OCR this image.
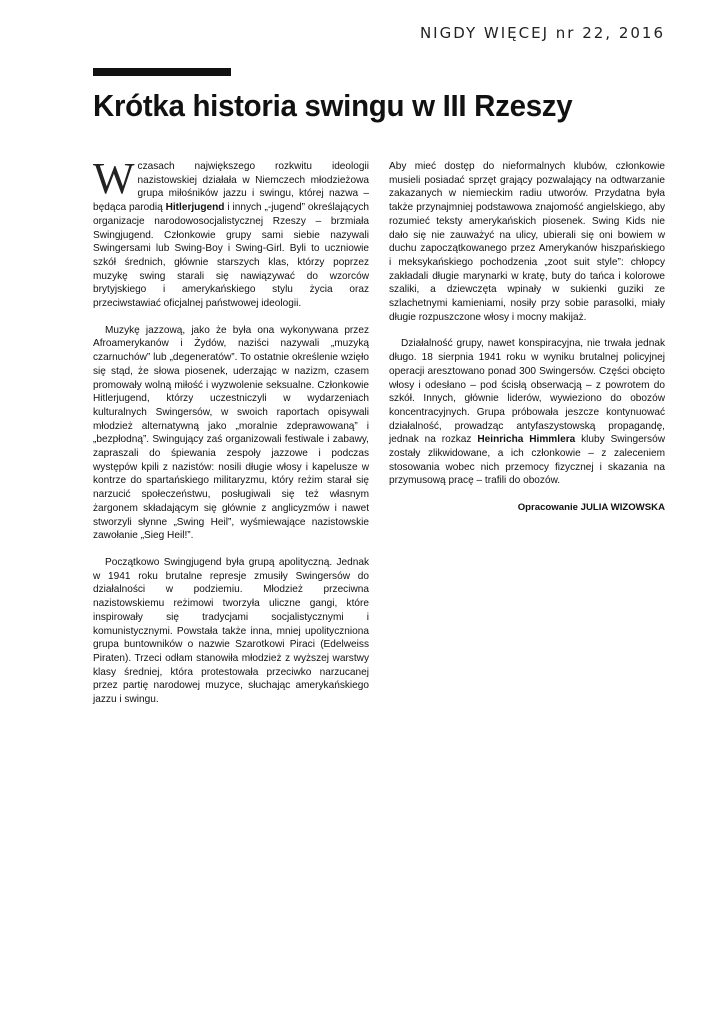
NIGDY WIĘCEJ nr 22, 2016
Krótka historia swingu w III Rzeszy

Wczasach największego rozkwitu ideologii nazistowskiej działała w Niemczech młodzieżowa grupa miłośników jazzu i swingu, której nazwa – będąca parodią Hitlerjugend i innych „-jugend” określających organizacje narodowosocjalistycznej Rzeszy – brzmiała Swingjugend. Członkowie grupy sami siebie nazywali Swingersami lub Swing-Boy i Swing-Girl. Byli to uczniowie szkół średnich, głównie starszych klas, którzy poprzez muzykę swing starali się nawiązywać do wzorców brytyjskiego i amerykańskiego stylu życia oraz przeciwstawiać oficjalnej państwowej ideologii.

Muzykę jazzową, jako że była ona wykonywana przez Afroamerykanów i Żydów, naziści nazywali „muzyką czarnuchów” lub „degeneratów”. To ostatnie określenie wzięło się stąd, że słowa piosenek, uderzając w nazizm, czasem promowały wolną miłość i wyzwolenie seksualne. Członkowie Hitlerjugend, którzy uczestniczyli w wydarzeniach kulturalnych Swingersów, w swoich raportach opisywali młodzież alternatywną jako „moralnie zdeprawowaną” i „bezpłodną”. Swingujący zaś organizowali festiwale i zabawy, zapraszali do śpiewania zespoły jazzowe i podczas występów kpili z nazistów: nosili długie włosy i kapelusze w kontrze do spartańskiego militaryzmu, który reżim starał się narzucić społeczeństwu, posługiwali się też własnym żargonem składającym się głównie z anglicyzmów i nawet stworzyli słynne „Swing Heil”, wyśmiewające nazistowskie zawołanie „Sieg Heil!”.

Początkowo Swingjugend była grupą apolityczną. Jednak w 1941 roku brutalne represje zmusiły Swingersów do działalności w podziemiu. Młodzież przeciwna nazistowskiemu reżimowi tworzyła uliczne gangi, które inspirowały się tradycjami socjalistycznymi i komunistycznymi. Powstała także inna, mniej upolityczniona grupa buntowników o nazwie Szarotkowi Piraci (Edelweiss Piraten). Trzeci odłam stanowiła młodzież z wyższej warstwy klasy średniej, która protestowała przeciwko narzucanej przez partię narodowej muzyce, słuchając amerykańskiego jazzu i swingu.

Aby mieć dostęp do nieformalnych klubów, członkowie musieli posiadać sprzęt grający pozwalający na odtwarzanie zakazanych w niemieckim radiu utworów. Przydatna była także przynajmniej podstawowa znajomość angielskiego, aby rozumieć teksty amerykańskich piosenek. Swing Kids nie dało się nie zauważyć na ulicy, ubierali się oni bowiem w duchu zapoczątkowanego przez Amerykanów hiszpańskiego i meksykańskiego pochodzenia „zoot suit style”: chłopcy zakładali długie marynarki w kratę, buty do tańca i kolorowe szaliki, a dziewczęta wpinały w sukienki guziki ze szlachetnymi kamieniami, nosiły przy sobie parasolki, miały długie rozpuszczone włosy i mocny makijaż.

Działalność grupy, nawet konspiracyjna, nie trwała jednak długo. 18 sierpnia 1941 roku w wyniku brutalnej policyjnej operacji aresztowano ponad 300 Swingersów. Części obcięto włosy i odesłano – pod ścisłą obserwacją – z powrotem do szkół. Innych, głównie liderów, wywieziono do obozów koncentracyjnych. Grupa próbowała jeszcze kontynuować działalność, prowadząc antyfaszystowską propagandę, jednak na rozkaz Heinricha Himmlera kluby Swingersów zostały zlikwidowane, a ich członkowie – z zaleceniem stosowania wobec nich przemocy fizycznej i skazania na przymusową pracę – trafili do obozów.

Opracowanie JULIA WIZOWSKA
